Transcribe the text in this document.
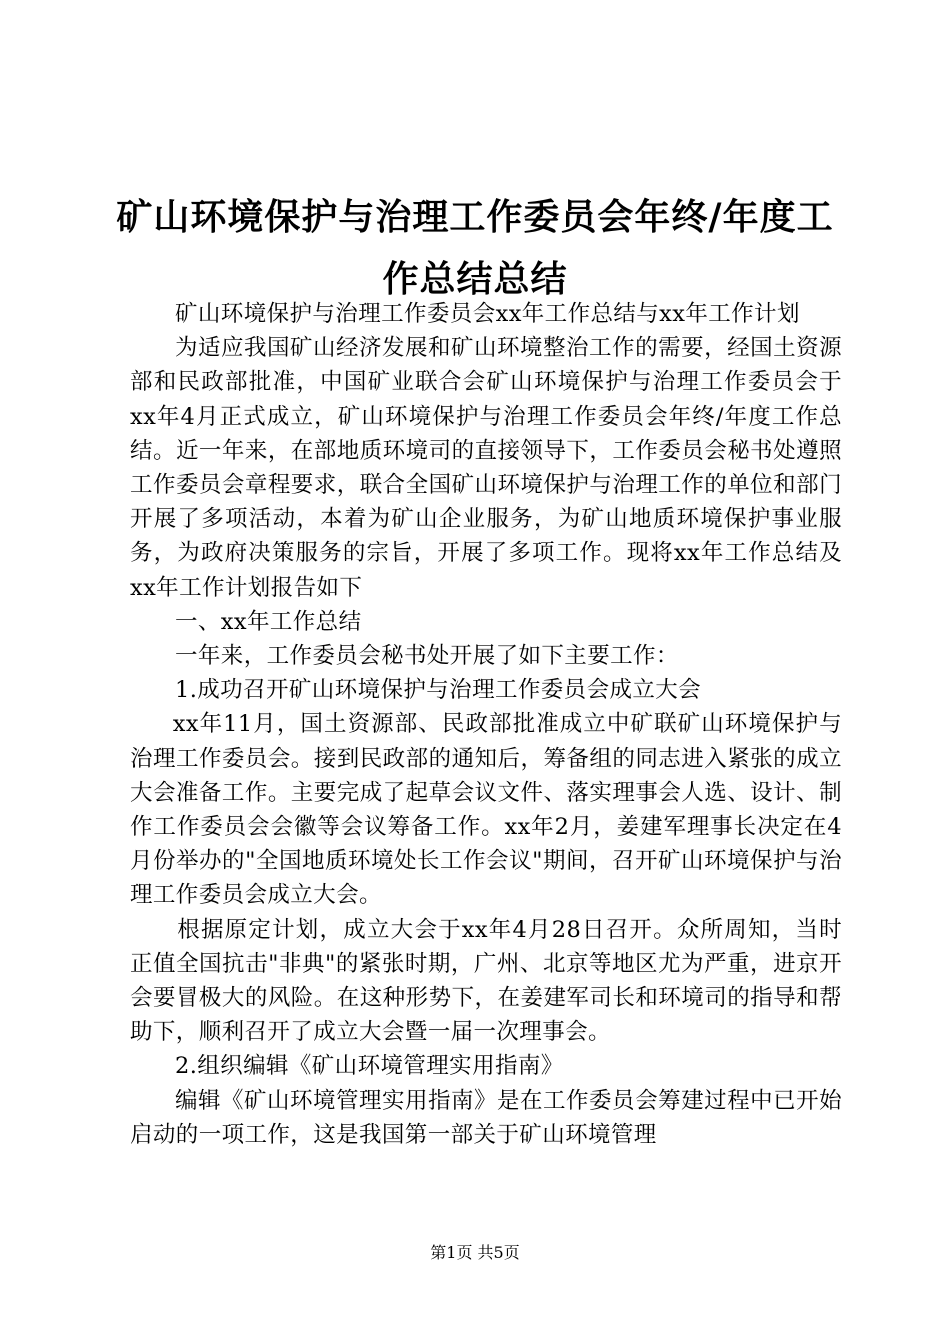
矿山环境保护与治理工作委员会年终/年度工
作总结总结

矿山环境保护与治理工作委员会xx年工作总结与xx年工作计划

为适应我国矿山经济发展和矿山环境整治工作的需要，经国土资源部和民政部批准，中国矿业联合会矿山环境保护与治理工作委员会于xx年4月正式成立，矿山环境保护与治理工作委员会年终/年度工作总结。近一年来，在部地质环境司的直接领导下，工作委员会秘书处遵照工作委员会章程要求，联合全国矿山环境保护与治理工作的单位和部门开展了多项活动，本着为矿山企业服务，为矿山地质环境保护事业服务，为政府决策服务的宗旨，开展了多项工作。现将xx年工作总结及xx年工作计划报告如下

一、xx年工作总结

一年来，工作委员会秘书处开展了如下主要工作：

1.成功召开矿山环境保护与治理工作委员会成立大会

xx年11月，国土资源部、民政部批准成立中矿联矿山环境保护与治理工作委员会。接到民政部的通知后，筹备组的同志进入紧张的成立大会准备工作。主要完成了起草会议文件、落实理事会人选、设计、制作工作委员会会徽等会议筹备工作。xx年2月，姜建军理事长决定在4月份举办的"全国地质环境处长工作会议"期间，召开矿山环境保护与治理工作委员会成立大会。

根据原定计划，成立大会于xx年4月28日召开。众所周知，当时正值全国抗击"非典"的紧张时期，广州、北京等地区尤为严重，进京开会要冒极大的风险。在这种形势下，在姜建军司长和环境司的指导和帮助下，顺利召开了成立大会暨一届一次理事会。

2.组织编辑《矿山环境管理实用指南》

编辑《矿山环境管理实用指南》是在工作委员会筹建过程中已开始启动的一项工作，这是我国第一部关于矿山环境管理

第1页 共5页
